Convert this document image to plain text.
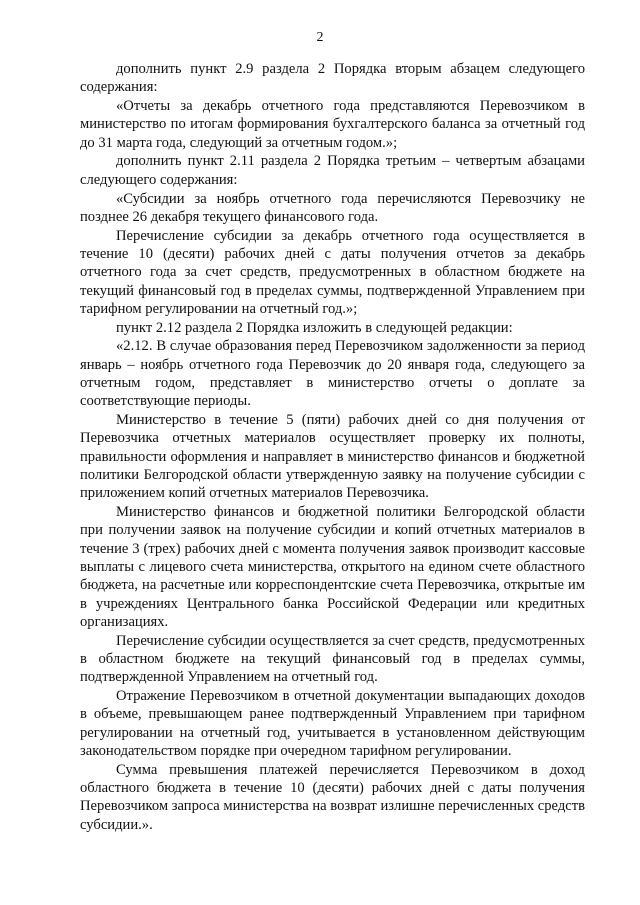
2

дополнить пункт 2.9 раздела 2 Порядка вторым абзацем следующего содержания:

«Отчеты за декабрь отчетного года представляются Перевозчиком в министерство по итогам формирования бухгалтерского баланса за отчетный год до 31 марта года, следующий за отчетным годом.»;

дополнить пункт 2.11 раздела 2 Порядка третьим – четвертым абзацами следующего содержания:

«Субсидии за ноябрь отчетного года перечисляются Перевозчику не позднее 26 декабря текущего финансового года.

Перечисление субсидии за декабрь отчетного года осуществляется в течение 10 (десяти) рабочих дней с даты получения отчетов за декабрь отчетного года за счет средств, предусмотренных в областном бюджете на текущий финансовый год в пределах суммы, подтвержденной Управлением при тарифном регулировании на отчетный год.»;

пункт 2.12 раздела 2 Порядка изложить в следующей редакции:

«2.12. В случае образования перед Перевозчиком задолженности за период январь – ноябрь отчетного года Перевозчик до 20 января года, следующего за отчетным годом, представляет в министерство отчеты о доплате за соответствующие периоды.

Министерство в течение 5 (пяти) рабочих дней со дня получения от Перевозчика отчетных материалов осуществляет проверку их полноты, правильности оформления и направляет в министерство финансов и бюджетной политики Белгородской области утвержденную заявку на получение субсидии с приложением копий отчетных материалов Перевозчика.

Министерство финансов и бюджетной политики Белгородской области при получении заявок на получение субсидии и копий отчетных материалов в течение 3 (трех) рабочих дней с момента получения заявок производит кассовые выплаты с лицевого счета министерства, открытого на едином счете областного бюджета, на расчетные или корреспондентские счета Перевозчика, открытые им в учреждениях Центрального банка Российской Федерации или кредитных организациях.

Перечисление субсидии осуществляется за счет средств, предусмотренных в областном бюджете на текущий финансовый год в пределах суммы, подтвержденной Управлением на отчетный год.

Отражение Перевозчиком в отчетной документации выпадающих доходов в объеме, превышающем ранее подтвержденный Управлением при тарифном регулировании на отчетный год, учитывается в установленном действующим законодательством порядке при очередном тарифном регулировании.

Сумма превышения платежей перечисляется Перевозчиком в доход областного бюджета в течение 10 (десяти) рабочих дней с даты получения Перевозчиком запроса министерства на возврат излишне перечисленных средств субсидии.».
